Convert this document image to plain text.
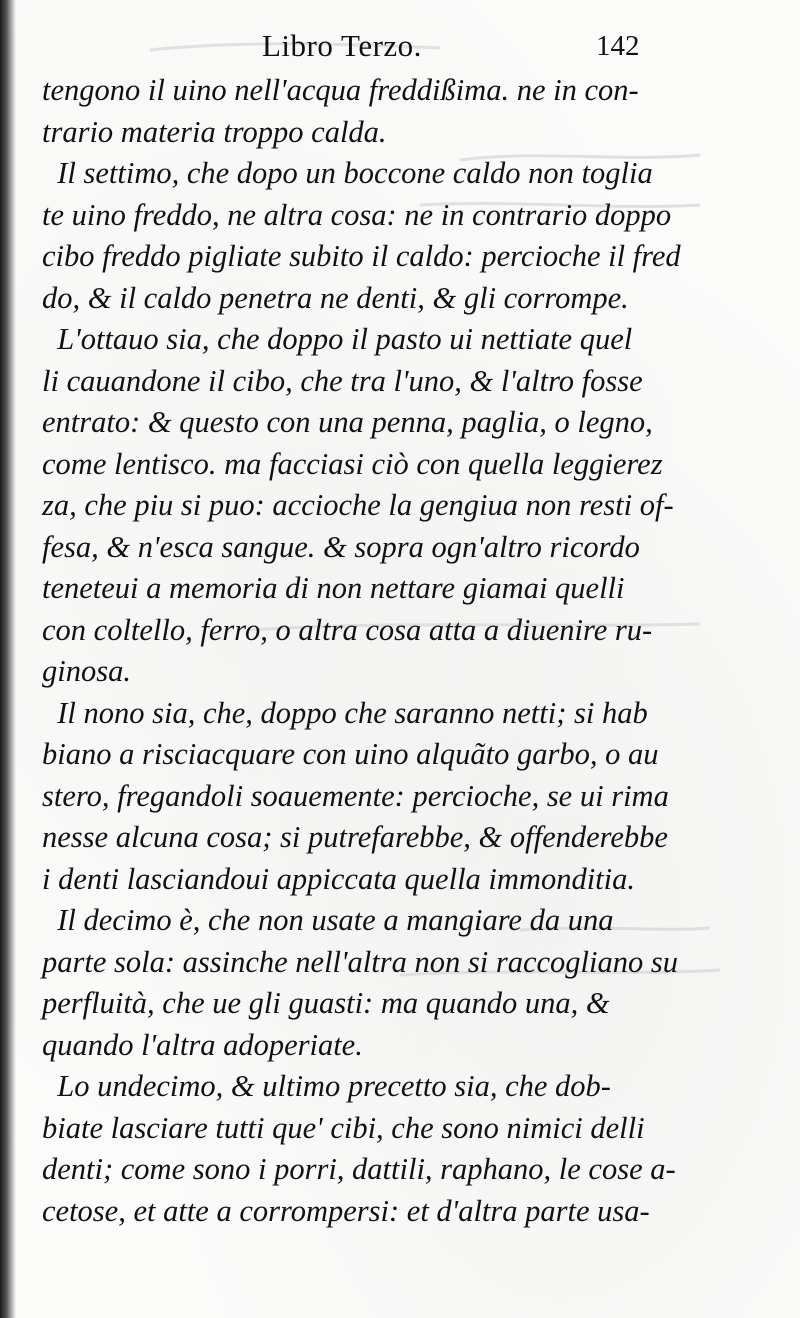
Libro Terzo.	142
tengono il uino nell'acqua freddißima. ne in con-
trario materia troppo calda.
Il settimo, che dopo un boccone caldo non toglia
te uino freddo, ne altra cosa: ne in contrario doppo
cibo freddo pigliate subito il caldo: percioche il fred
do, & il caldo penetra ne denti, & gli corrompe.
L'ottauo sia, che doppo il pasto ui nettiate quel
li cauandone il cibo, che tra l'uno, & l'altro fosse
entrato: & questo con una penna, paglia, o legno,
come lentisco. ma facciasi ciò con quella leggierez
za, che piu si puo: accioche la gengiua non resti of-
fesa, & n'esca sangue. & sopra ogn'altro ricordo
teneteui a memoria di non nettare giamai quelli
con coltello, ferro, o altra cosa atta a diuenire ru-
ginosa.
Il nono sia, che, doppo che saranno netti; si hab
biano a risciacquare con uino alquãto garbo, o au
stero, fregandoli soauemente: percioche, se ui rima
nesse alcuna cosa; si putrefarebbe, & offenderebbe
i denti lasciandoui appiccata quella immonditia.
Il decimo è, che non usate a mangiare da una
parte sola: assinche nell'altra non si raccogliano su
perfluità, che ue gli guasti: ma quando una, &
quando l'altra adoperiate.
Lo undecimo, & ultimo precetto sia, che dob-
biate lasciare tutti que' cibi, che sono nimici delli
denti; come sono i porri, dattili, raphano, le cose a-
cetose, et atte a corrompersi: et d'altra parte usa-
